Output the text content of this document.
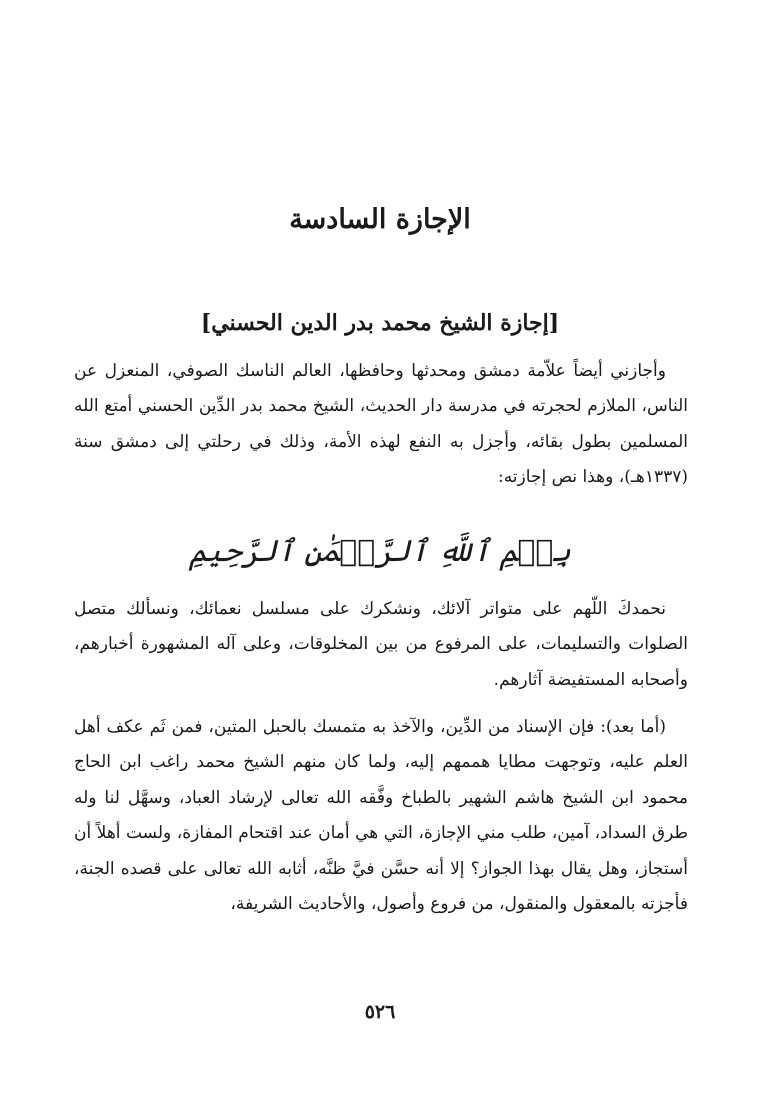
الإجازة السادسة
[إجازة الشيخ محمد بدر الدين الحسني]

وأجازني أيضاً علاّمة دمشق ومحدثها وحافظها، العالم الناسك الصوفي، المنعزل عن الناس، الملازم لحجرته في مدرسة دار الحديث، الشيخ محمد بدر الدِّين الحسني أمتع الله المسلمين بطول بقائه، وأجزل به النفع لهذه الأمة، وذلك في رحلتي إلى دمشق سنة (١٣٣٧هـ)، وهذا نص إجازته:

بِسۡمِ ٱللَّهِ ٱلرَّحۡمَٰنِ ٱلرَّحِيمِ

نحمدكَ اللّهم على متواتر آلائك، ونشكرك على مسلسل نعمائك، ونسألك متصل الصلوات والتسليمات، على المرفوع من بين المخلوقات، وعلى آله المشهورة أخبارهم، وأصحابه المستفيضة آثارهم.

(أما بعد): فإن الإسناد من الدِّين، والآخذ به متمسك بالحبل المتين، فمن ثَم عكف أهل العلم عليه، وتوجهت مطايا هممهم إليه، ولما كان منهم الشيخ محمد راغب ابن الحاج محمود ابن الشيخ هاشم الشهير بالطباخ وفَّقه الله تعالى لإرشاد العباد، وسهَّل لنا وله طرق السداد، آمين، طلب مني الإجازة، التي هي أمان عند اقتحام المفازة، ولست أهلاً أن أستجاز، وهل يقال بهذا الجواز؟ إلا أنه حسَّن فيَّ ظنَّه، أثابه الله تعالى على قصده الجنة، فأجزته بالمعقول والمنقول، من فروع وأصول، والأحاديث الشريفة،

٥٢٦
